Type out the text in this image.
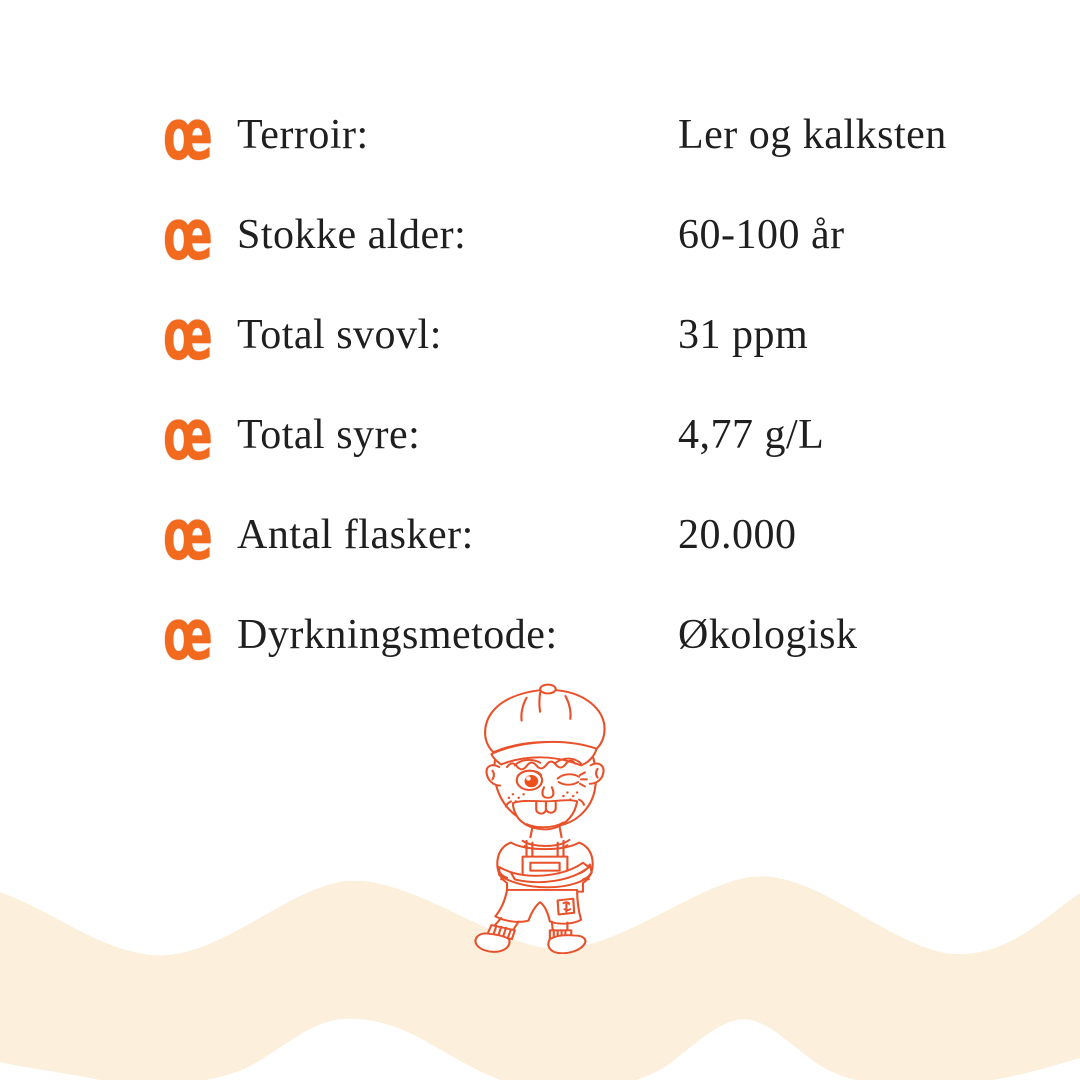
œ Terroir:	Ler og kalksten
œ Stokke alder:	60-100 år
œ Total svovl:	31 ppm
œ Total syre:	4,77 g/L
œ Antal flasker:	20.000
œ Dyrkningsmetode:	Økologisk
